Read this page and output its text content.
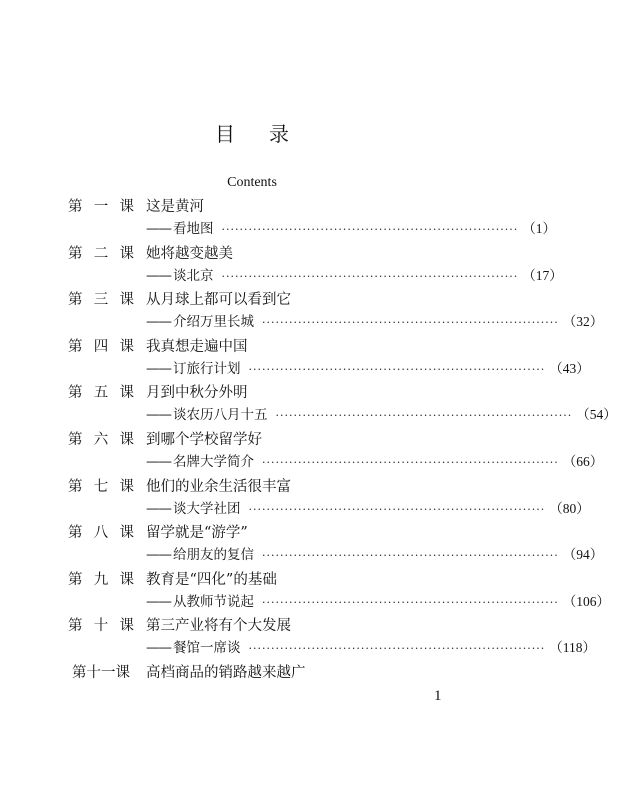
目 录
Contents
第 一 课 这是黄河
—— 看地图 ·································································· （1）
第 二 课 她将越变越美
—— 谈北京 ·································································· （17）
第 三 课 从月球上都可以看到它
—— 介绍万里长城 ·································································· （32）
第 四 课 我真想走遍中国
—— 订旅行计划 ·································································· （43）
第 五 课 月到中秋分外明
—— 谈农历八月十五 ·································································· （54）
第 六 课 到哪个学校留学好
—— 名牌大学简介 ·································································· （66）
第 七 课 他们的业余生活很丰富
—— 谈大学社团 ·································································· （80）
第 八 课 留学就是“游学”
—— 给朋友的复信 ·································································· （94）
第 九 课 教育是“四化”的基础
—— 从教师节说起 ·································································· （106）
第 十 课 第三产业将有个大发展
—— 餐馆一席谈 ·································································· （118）
第十一课	高档商品的销路越来越广
1
